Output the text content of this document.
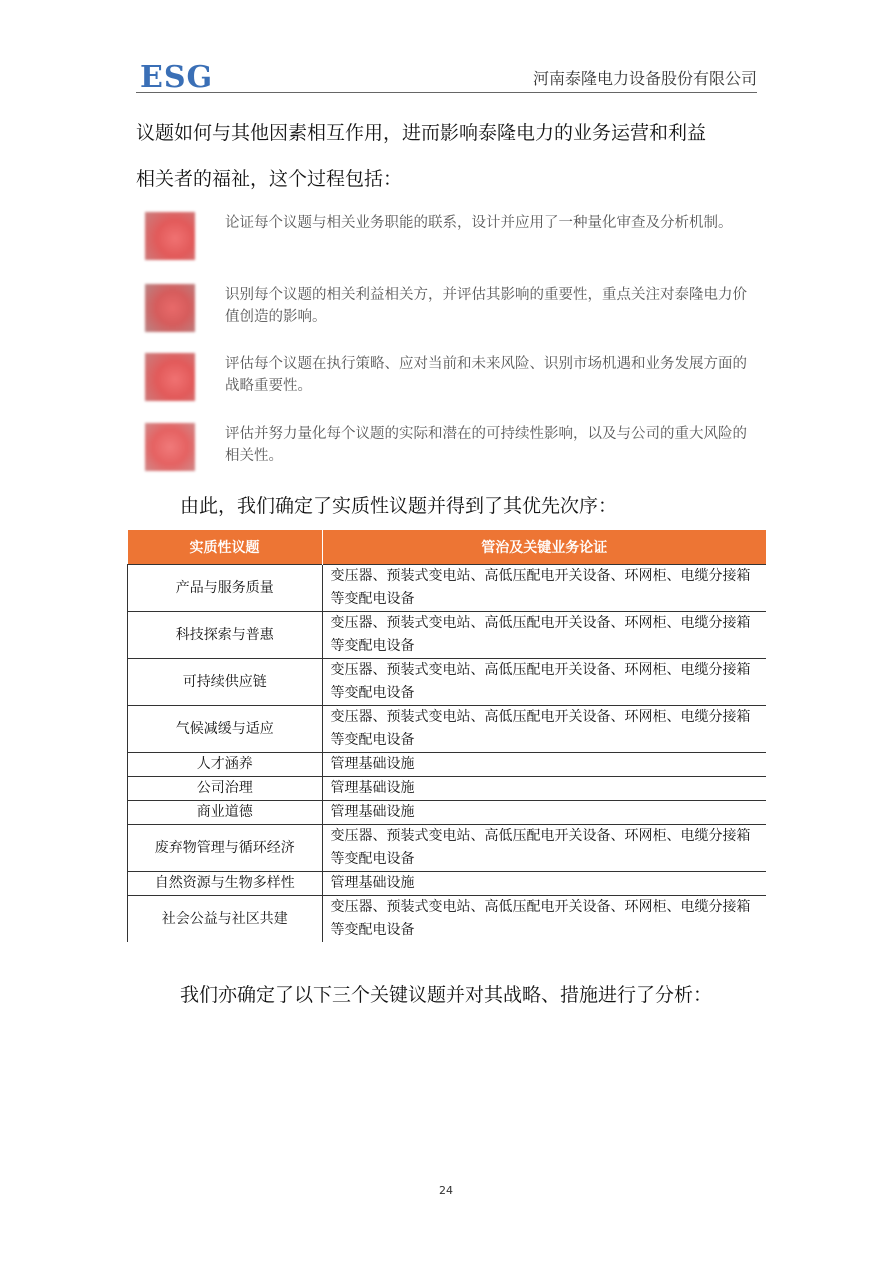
ESG	河南泰隆电力设备股份有限公司
议题如何与其他因素相互作用，进而影响泰隆电力的业务运营和利益
相关者的福祉，这个过程包括：
论证每个议题与相关业务职能的联系，设计并应用了一种量化审查及分析机制。
识别每个议题的相关利益相关方，并评估其影响的重要性，重点关注对泰隆电力价值创造的影响。
评估每个议题在执行策略、应对当前和未来风险、识别市场机遇和业务发展方面的战略重要性。
评估并努力量化每个议题的实际和潜在的可持续性影响，以及与公司的重大风险的相关性。
由此，我们确定了实质性议题并得到了其优先次序：
实质性议题	管治及关键业务论证
产品与服务质量	变压器、预装式变电站、高低压配电开关设备、环网柜、电缆分接箱等变配电设备
科技探索与普惠	变压器、预装式变电站、高低压配电开关设备、环网柜、电缆分接箱等变配电设备
可持续供应链	变压器、预装式变电站、高低压配电开关设备、环网柜、电缆分接箱等变配电设备
气候减缓与适应	变压器、预装式变电站、高低压配电开关设备、环网柜、电缆分接箱等变配电设备
人才涵养	管理基础设施
公司治理	管理基础设施
商业道德	管理基础设施
废弃物管理与循环经济	变压器、预装式变电站、高低压配电开关设备、环网柜、电缆分接箱等变配电设备
自然资源与生物多样性	管理基础设施
社会公益与社区共建	变压器、预装式变电站、高低压配电开关设备、环网柜、电缆分接箱等变配电设备
我们亦确定了以下三个关键议题并对其战略、措施进行了分析：
24
